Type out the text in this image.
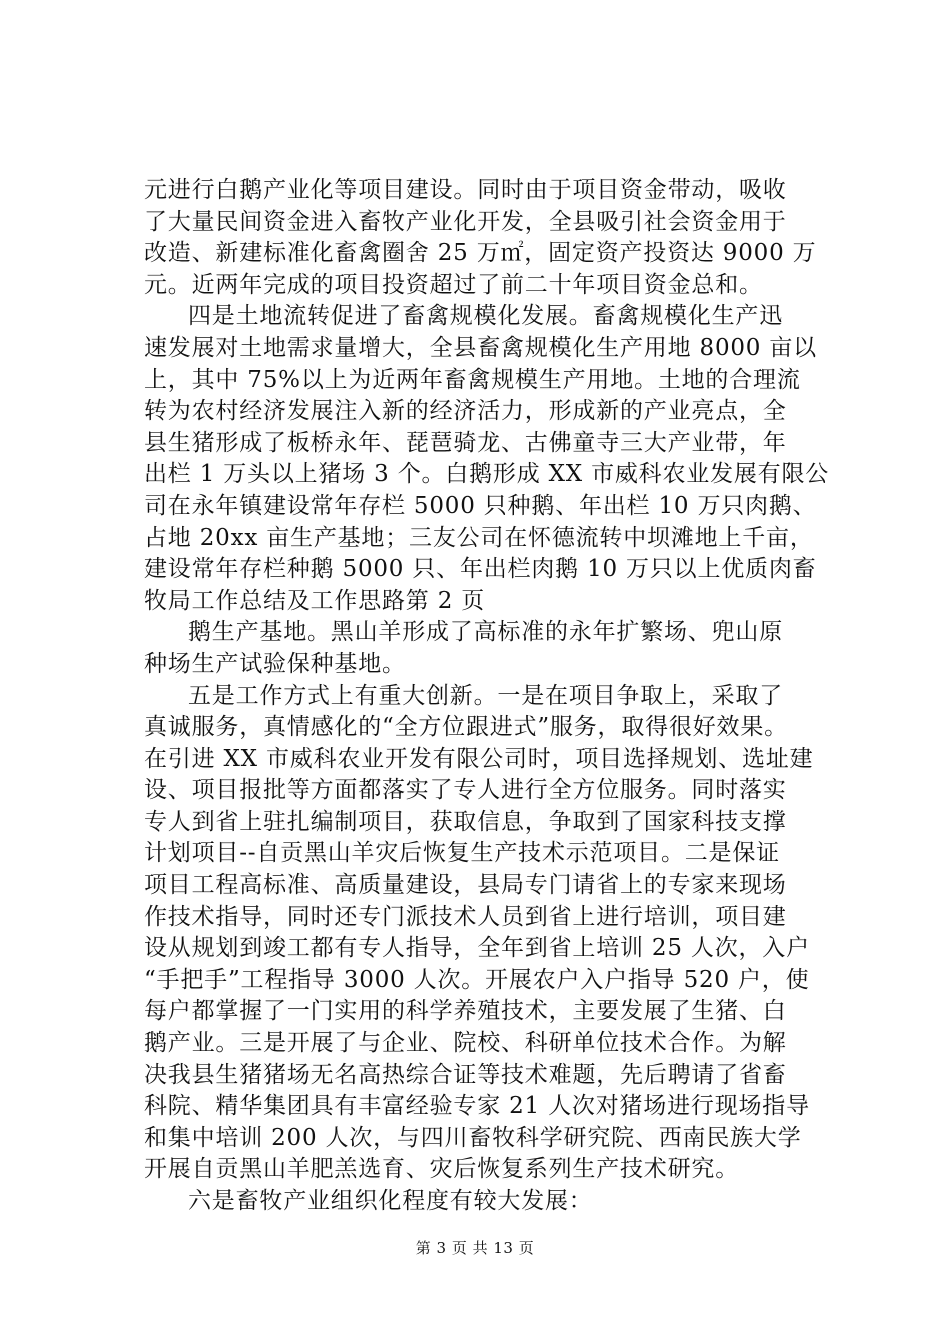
元进行白鹅产业化等项目建设。同时由于项目资金带动，吸收
了大量民间资金进入畜牧产业化开发，全县吸引社会资金用于
改造、新建标准化畜禽圈舍 25 万㎡，固定资产投资达 9000 万
元。近两年完成的项目投资超过了前二十年项目资金总和。
四是土地流转促进了畜禽规模化发展。畜禽规模化生产迅
速发展对土地需求量增大，全县畜禽规模化生产用地 8000 亩以
上，其中 75%以上为近两年畜禽规模生产用地。土地的合理流
转为农村经济发展注入新的经济活力，形成新的产业亮点，全
县生猪形成了板桥永年、琵琶骑龙、古佛童寺三大产业带，年
出栏 1 万头以上猪场 3 个。白鹅形成 XX 市威科农业发展有限公
司在永年镇建设常年存栏 5000 只种鹅、年出栏 10 万只肉鹅、
占地 20xx 亩生产基地；三友公司在怀德流转中坝滩地上千亩，
建设常年存栏种鹅 5000 只、年出栏肉鹅 10 万只以上优质肉畜
牧局工作总结及工作思路第 2 页
鹅生产基地。黑山羊形成了高标准的永年扩繁场、兜山原
种场生产试验保种基地。
五是工作方式上有重大创新。一是在项目争取上，采取了
真诚服务，真情感化的“全方位跟进式”服务，取得很好效果。
在引进 XX 市威科农业开发有限公司时，项目选择规划、选址建
设、项目报批等方面都落实了专人进行全方位服务。同时落实
专人到省上驻扎编制项目，获取信息，争取到了国家科技支撑
计划项目--自贡黑山羊灾后恢复生产技术示范项目。二是保证
项目工程高标准、高质量建设，县局专门请省上的专家来现场
作技术指导，同时还专门派技术人员到省上进行培训，项目建
设从规划到竣工都有专人指导，全年到省上培训 25 人次，入户
“手把手”工程指导 3000 人次。开展农户入户指导 520 户，使
每户都掌握了一门实用的科学养殖技术，主要发展了生猪、白
鹅产业。三是开展了与企业、院校、科研单位技术合作。为解
决我县生猪猪场无名高热综合证等技术难题，先后聘请了省畜
科院、精华集团具有丰富经验专家 21 人次对猪场进行现场指导
和集中培训 200 人次，与四川畜牧科学研究院、西南民族大学
开展自贡黑山羊肥羔选育、灾后恢复系列生产技术研究。
六是畜牧产业组织化程度有较大发展：
第 3 页 共 13 页
